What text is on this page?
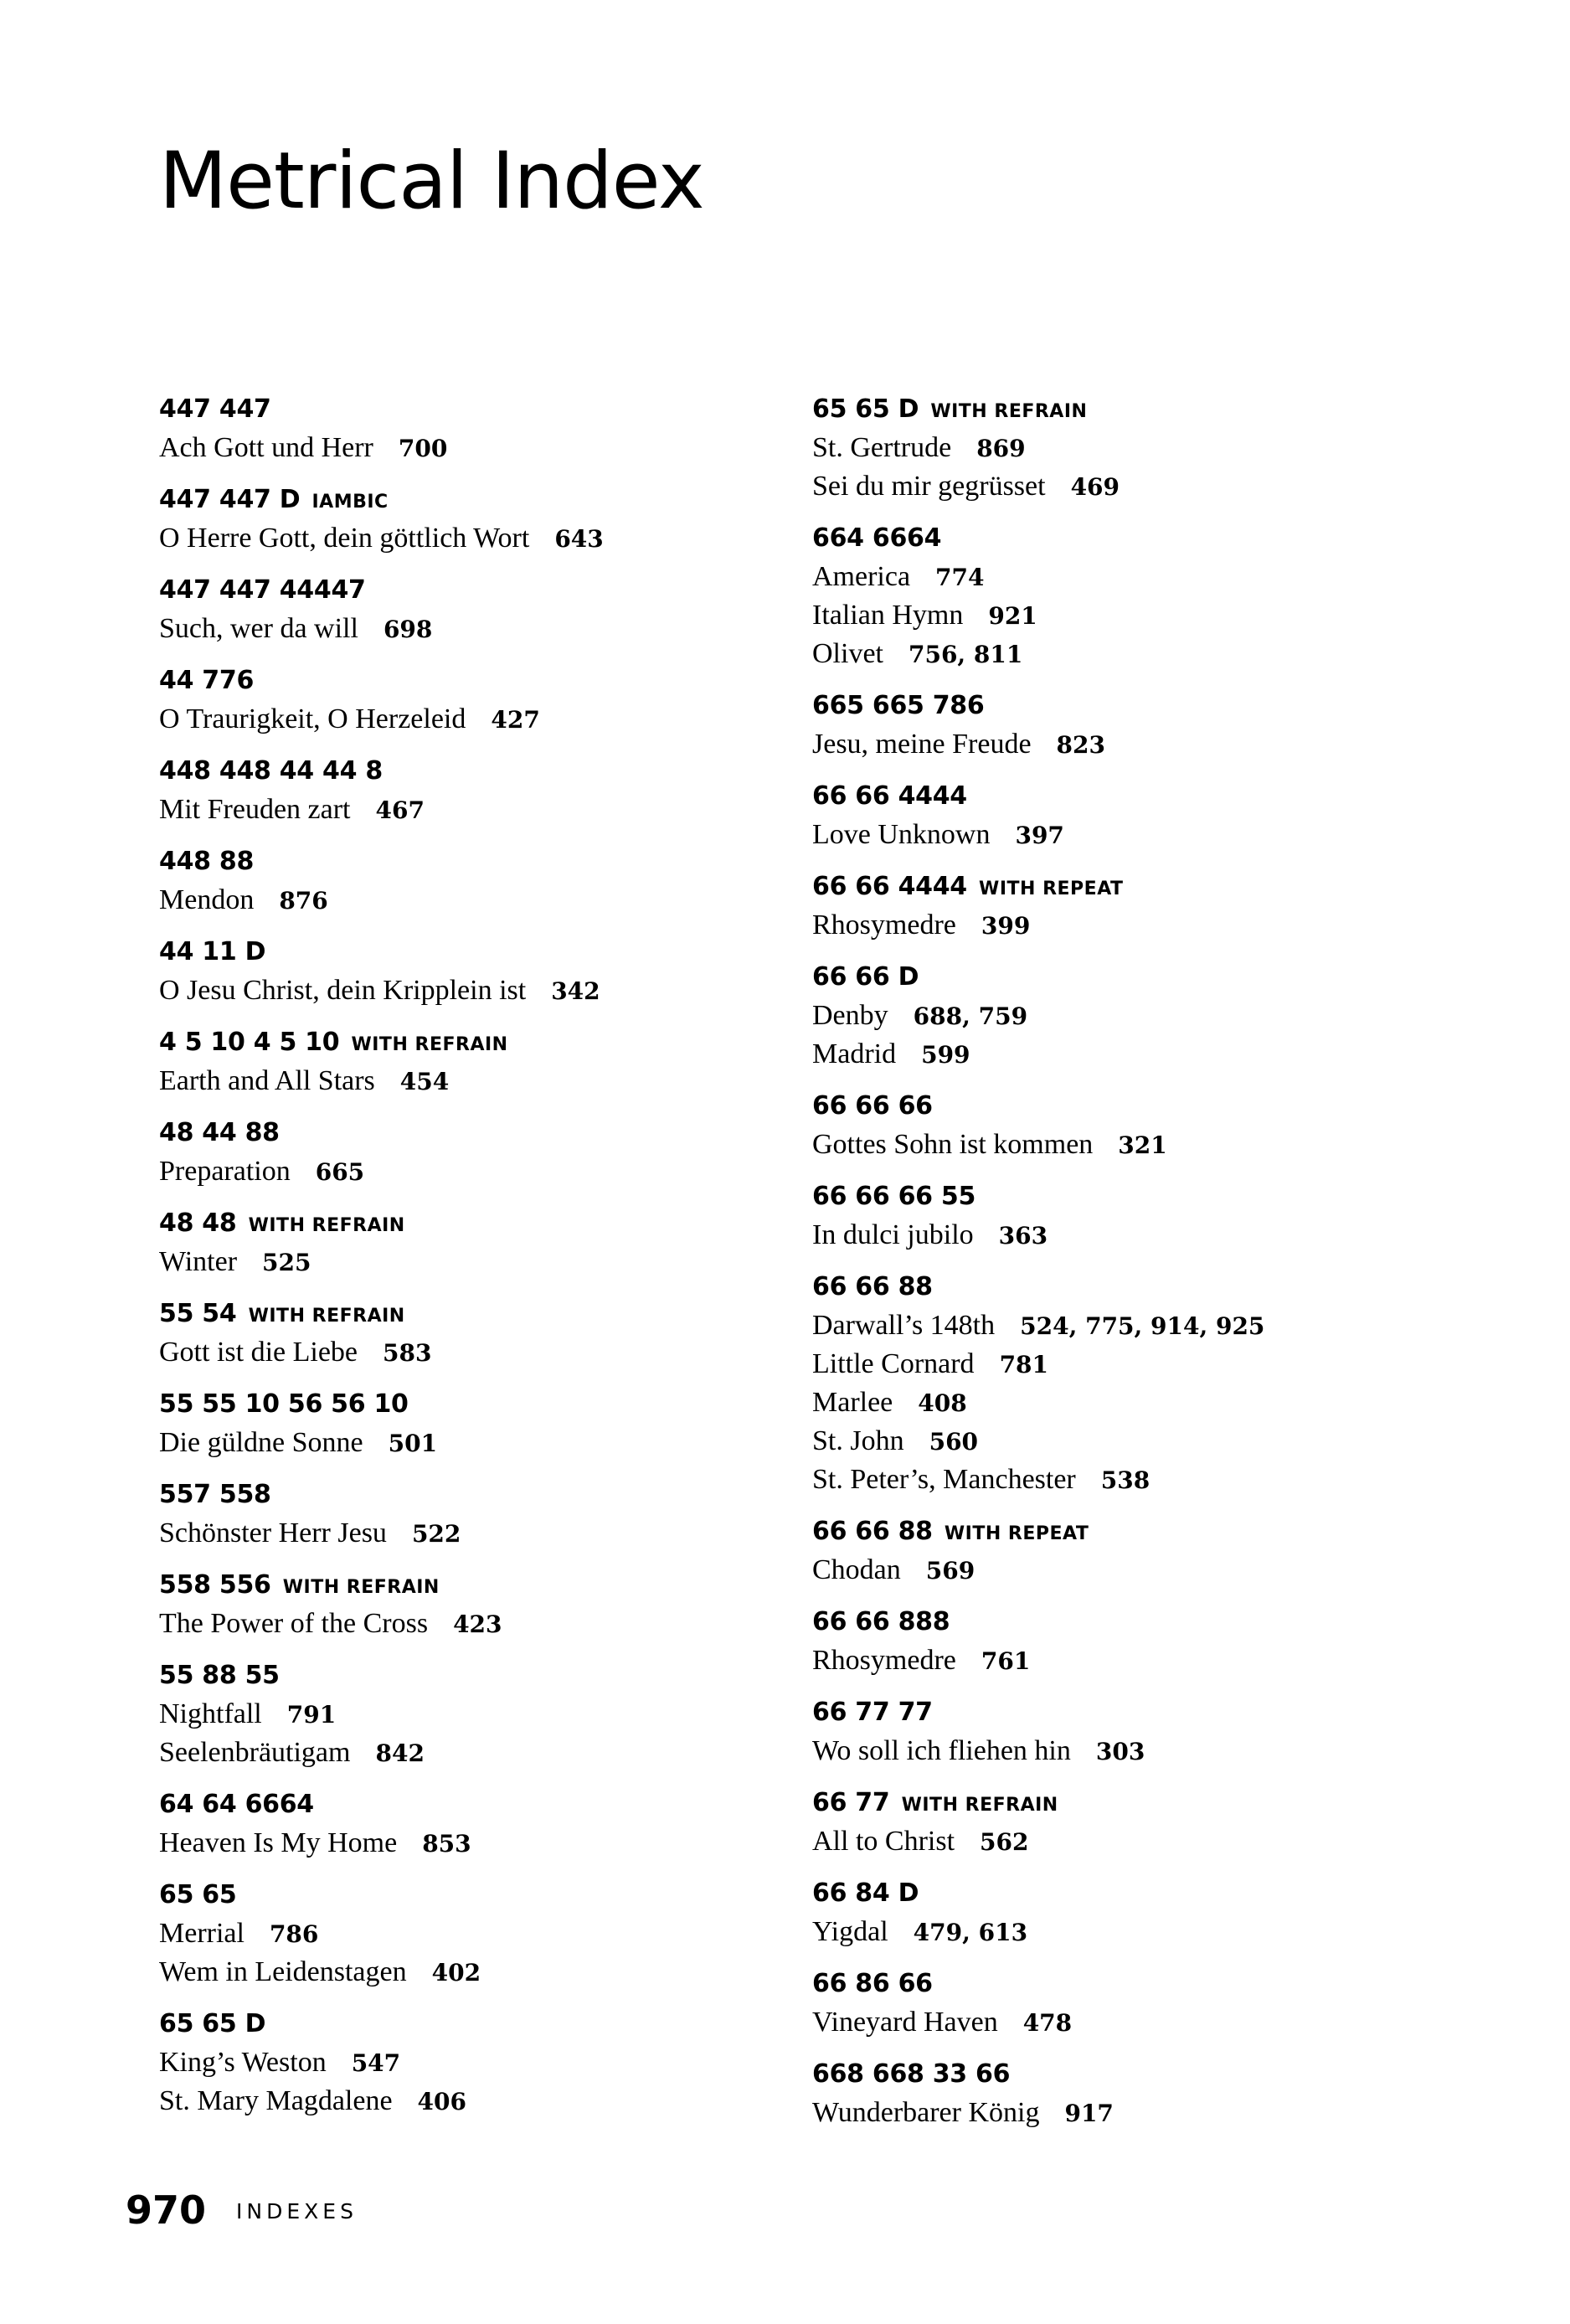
Metrical Index
447 447
Ach Gott und Herr 700
447 447 D IAMBIC
O Herre Gott, dein göttlich Wort 643
447 447 44447
Such, wer da will 698
44 776
O Traurigkeit, O Herzeleid 427
448 448 44 44 8
Mit Freuden zart 467
448 88
Mendon 876
44 11 D
O Jesu Christ, dein Kripplein ist 342
4 5 10 4 5 10 WITH REFRAIN
Earth and All Stars 454
48 44 88
Preparation 665
48 48 WITH REFRAIN
Winter 525
55 54 WITH REFRAIN
Gott ist die Liebe 583
55 55 10 56 56 10
Die güldne Sonne 501
557 558
Schönster Herr Jesu 522
558 556 WITH REFRAIN
The Power of the Cross 423
55 88 55
Nightfall 791
Seelenbräutigam 842
64 64 6664
Heaven Is My Home 853
65 65
Merrial 786
Wem in Leidenstagen 402
65 65 D
King’s Weston 547
St. Mary Magdalene 406
65 65 D WITH REFRAIN
St. Gertrude 869
Sei du mir gegrüsset 469
664 6664
America 774
Italian Hymn 921
Olivet 756, 811
665 665 786
Jesu, meine Freude 823
66 66 4444
Love Unknown 397
66 66 4444 WITH REPEAT
Rhosymedre 399
66 66 D
Denby 688, 759
Madrid 599
66 66 66
Gottes Sohn ist kommen 321
66 66 66 55
In dulci jubilo 363
66 66 88
Darwall’s 148th 524, 775, 914, 925
Little Cornard 781
Marlee 408
St. John 560
St. Peter’s, Manchester 538
66 66 88 WITH REPEAT
Chodan 569
66 66 888
Rhosymedre 761
66 77 77
Wo soll ich fliehen hin 303
66 77 WITH REFRAIN
All to Christ 562
66 84 D
Yigdal 479, 613
66 86 66
Vineyard Haven 478
668 668 33 66
Wunderbarer König 917
970 INDEXES
